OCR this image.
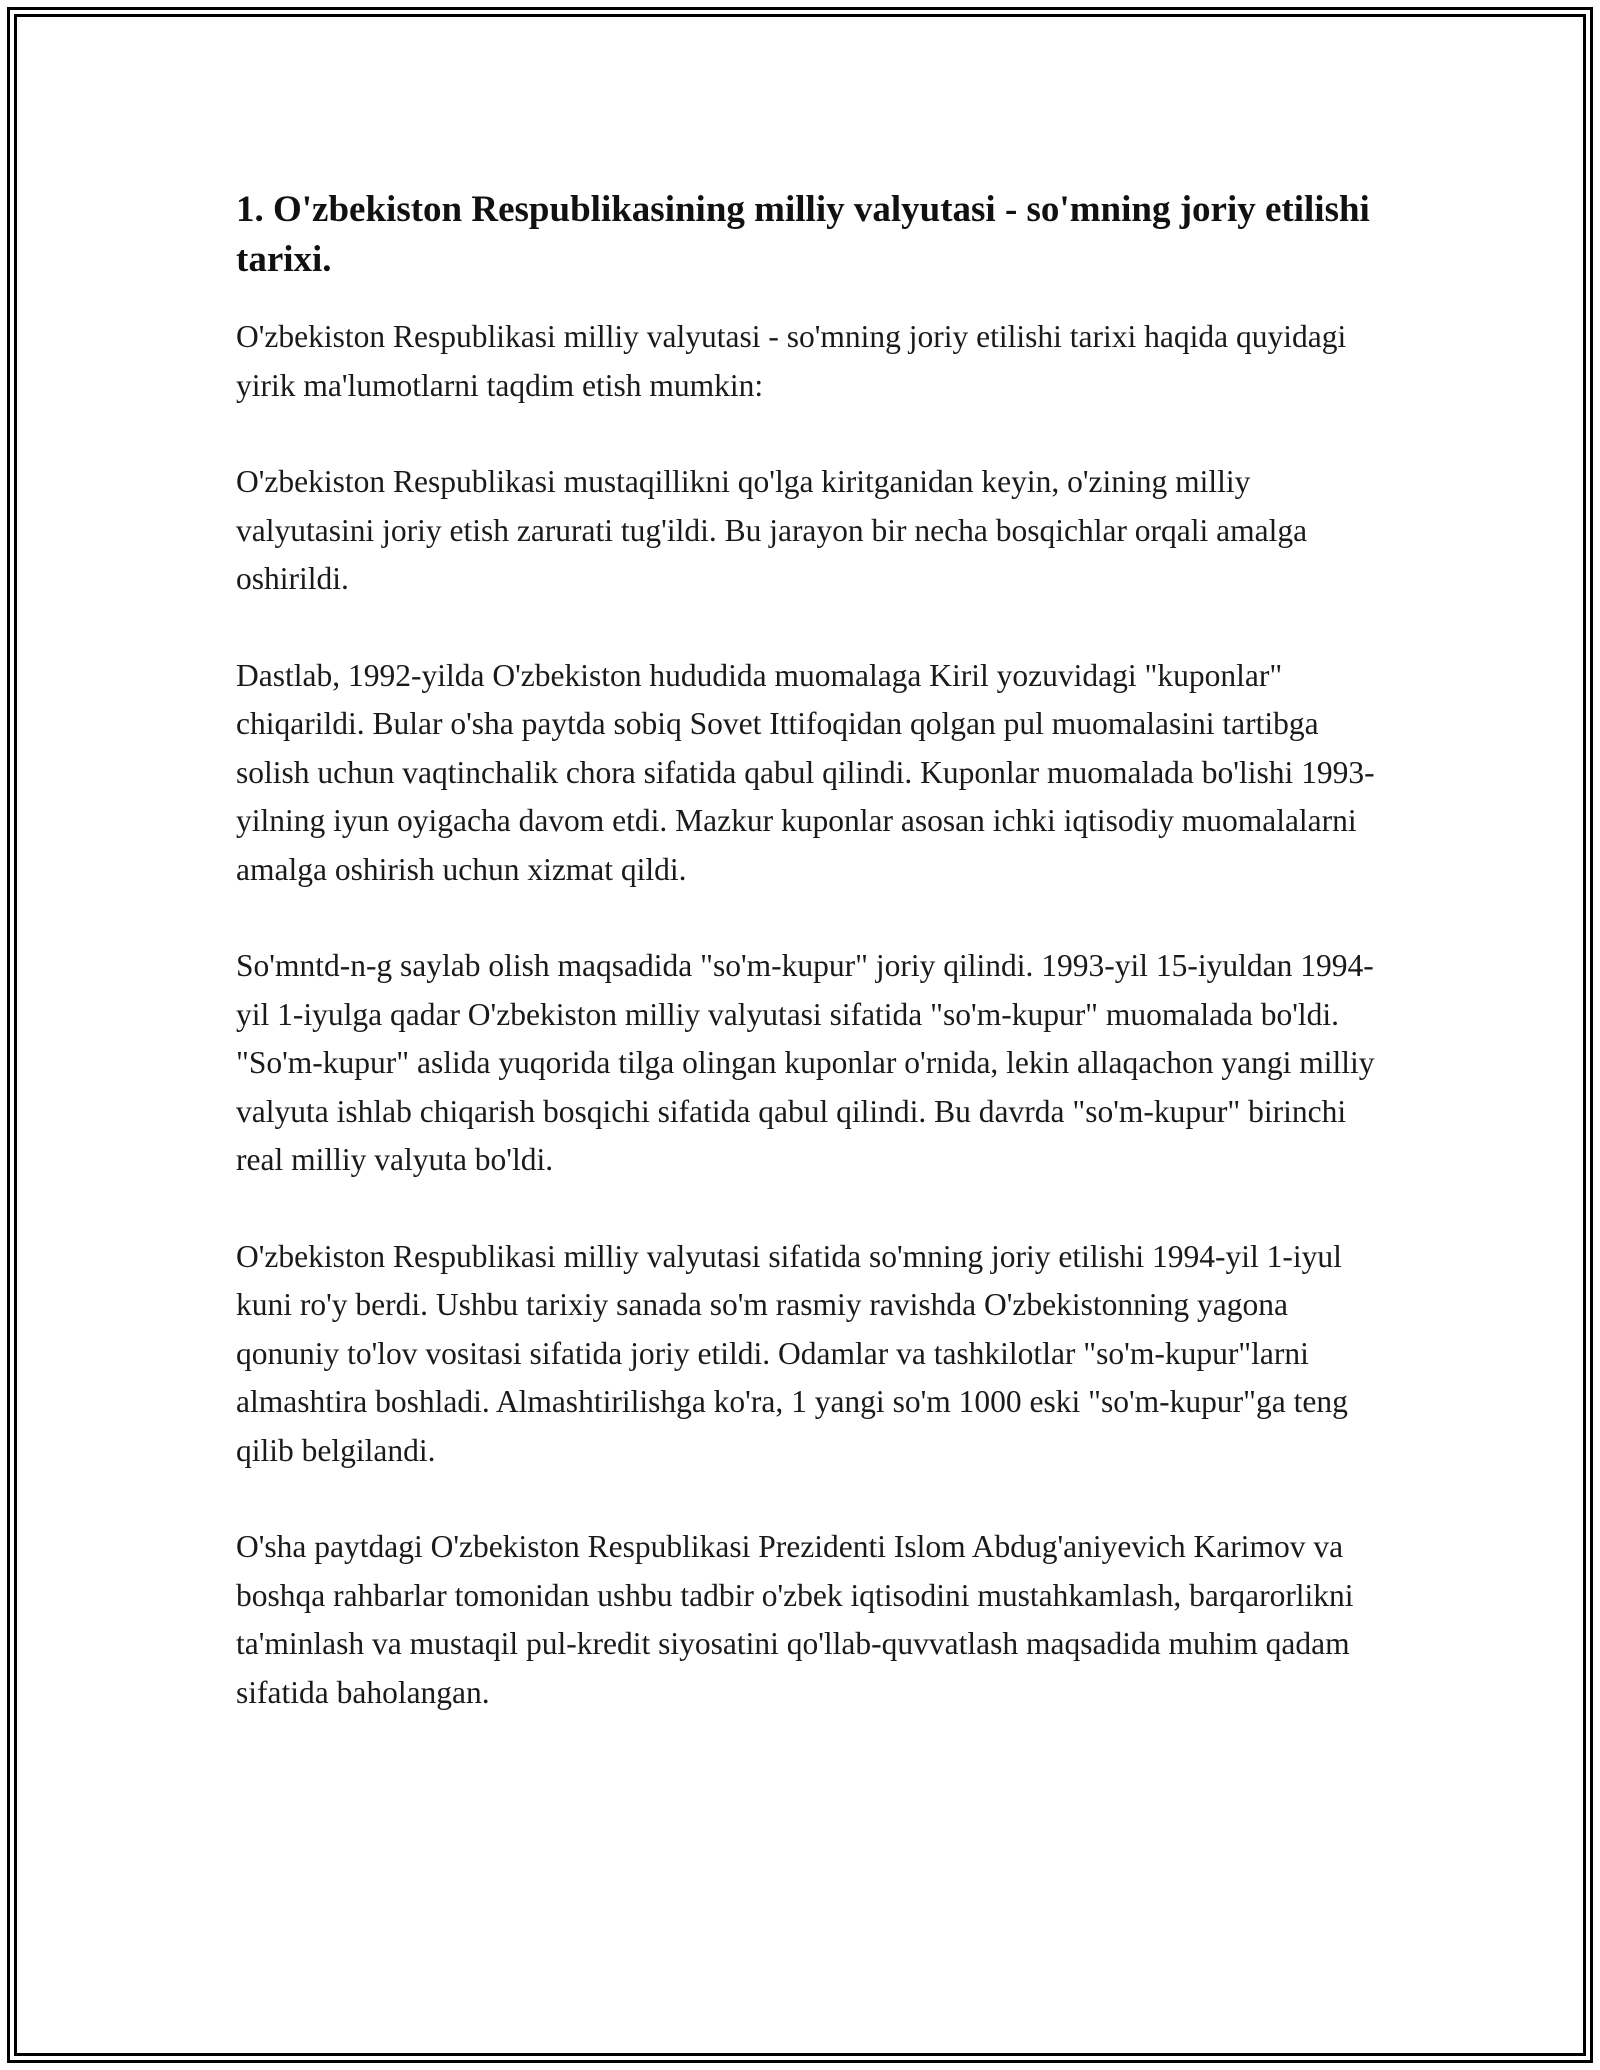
1. O'zbekiston Respublikasining milliy valyutasi - so'mning joriy etilishi tarixi.

O'zbekiston Respublikasi milliy valyutasi - so'mning joriy etilishi tarixi haqida quyidagi yirik ma'lumotlarni taqdim etish mumkin:

O'zbekiston Respublikasi mustaqillikni qo'lga kiritganidan keyin, o'zining milliy valyutasini joriy etish zarurati tug'ildi. Bu jarayon bir necha bosqichlar orqali amalga oshirildi.

Dastlab, 1992-yilda O'zbekiston hududida muomalaga Kiril yozuvidagi "kuponlar" chiqarildi. Bular o'sha paytda sobiq Sovet Ittifoqidan qolgan pul muomalasini tartibga solish uchun vaqtinchalik chora sifatida qabul qilindi. Kuponlar muomalada bo'lishi 1993-yilning iyun oyigacha davom etdi. Mazkur kuponlar asosan ichki iqtisodiy muomalalarni amalga oshirish uchun xizmat qildi.

So'mntd-n-g saylab olish maqsadida "so'm-kupur" joriy qilindi. 1993-yil 15-iyuldan 1994-yil 1-iyulga qadar O'zbekiston milliy valyutasi sifatida "so'm-kupur" muomalada bo'ldi. "So'm-kupur" aslida yuqorida tilga olingan kuponlar o'rnida, lekin allaqachon yangi milliy valyuta ishlab chiqarish bosqichi sifatida qabul qilindi. Bu davrda "so'm-kupur" birinchi real milliy valyuta bo'ldi.

O'zbekiston Respublikasi milliy valyutasi sifatida so'mning joriy etilishi 1994-yil 1-iyul kuni ro'y berdi. Ushbu tarixiy sanada so'm rasmiy ravishda O'zbekistonning yagona qonuniy to'lov vositasi sifatida joriy etildi. Odamlar va tashkilotlar "so'm-kupur"larni almashtira boshladi. Almashtirilishga ko'ra, 1 yangi so'm 1000 eski "so'm-kupur"ga teng qilib belgilandi.

O'sha paytdagi O'zbekiston Respublikasi Prezidenti Islom Abdug'aniyevich Karimov va boshqa rahbarlar tomonidan ushbu tadbir o'zbek iqtisodini mustahkamlash, barqarorlikni ta'minlash va mustaqil pul-kredit siyosatini qo'llab-quvvatlash maqsadida muhim qadam sifatida baholangan.
